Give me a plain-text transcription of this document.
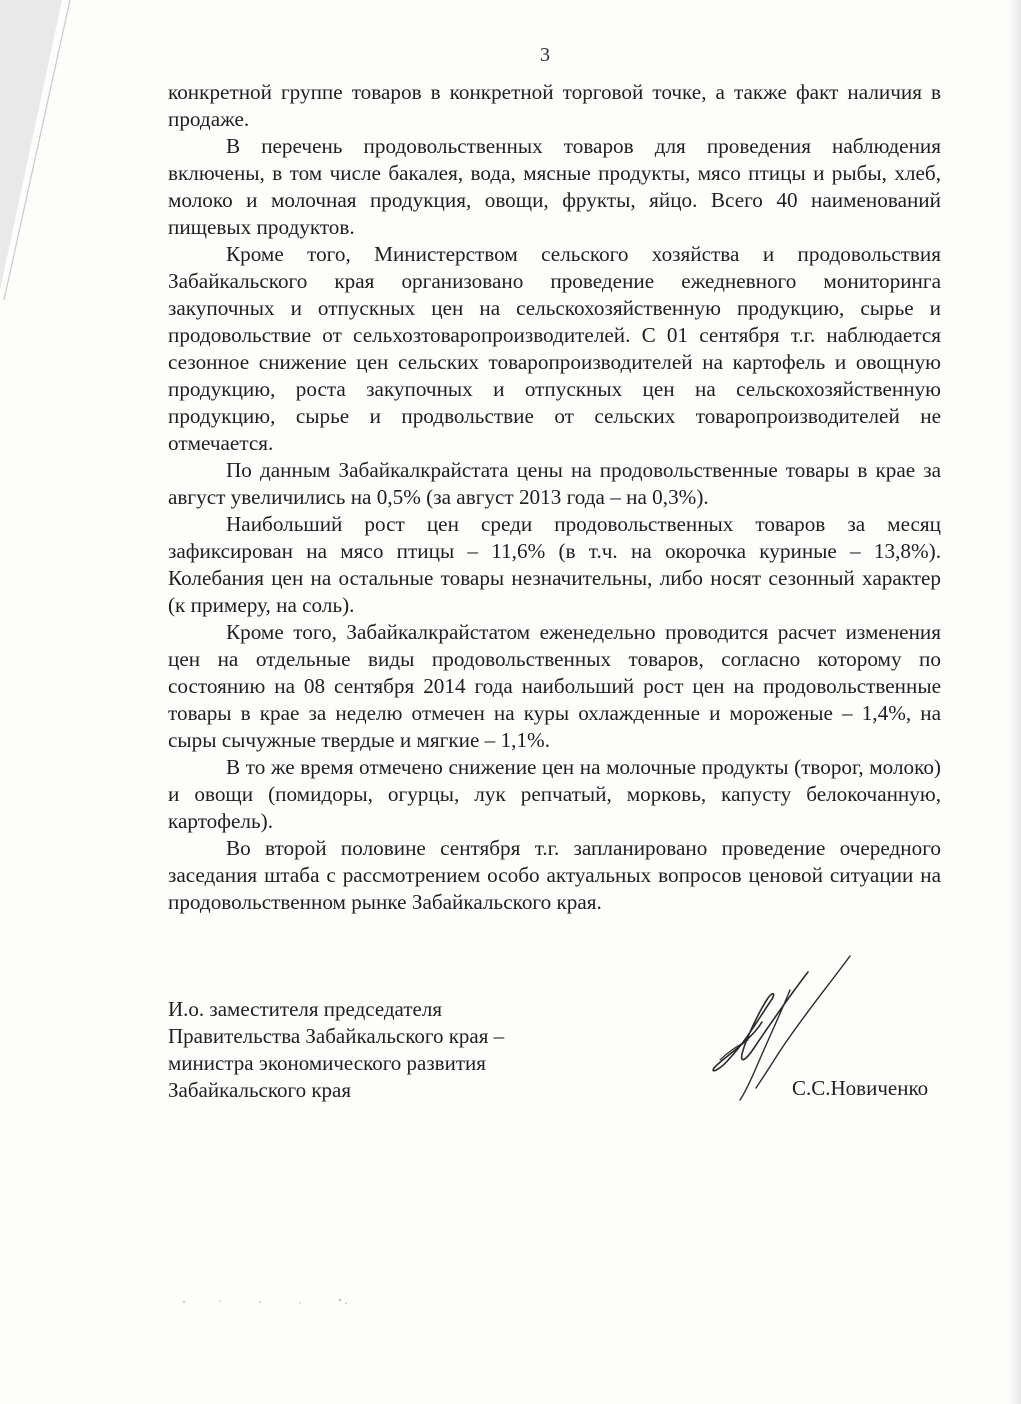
3

конкретной группе товаров в конкретной торговой точке, а также факт наличия в продаже.

В перечень продовольственных товаров для проведения наблюдения включены, в том числе бакалея, вода, мясные продукты, мясо птицы и рыбы, хлеб, молоко и молочная продукция, овощи, фрукты, яйцо. Всего 40 наименований пищевых продуктов.

Кроме того, Министерством сельского хозяйства и продовольствия Забайкальского края организовано проведение ежедневного мониторинга закупочных и отпускных цен на сельскохозяйственную продукцию, сырье и продовольствие от сельхозтоваропроизводителей. С 01 сентября т.г. наблюдается сезонное снижение цен сельских товаропроизводителей на картофель и овощную продукцию, роста закупочных и отпускных цен на сельскохозяйственную продукцию, сырье и продвольствие от сельских товаропроизводителей не отмечается.

По данным Забайкалкрайстата цены на продовольственные товары в крае за август увеличились на 0,5% (за август 2013 года – на 0,3%).

Наибольший рост цен среди продовольственных товаров за месяц зафиксирован на мясо птицы – 11,6% (в т.ч. на окорочка куриные – 13,8%). Колебания цен на остальные товары незначительны, либо носят сезонный характер (к примеру, на соль).

Кроме того, Забайкалкрайстатом еженедельно проводится расчет изменения цен на отдельные виды продовольственных товаров, согласно которому по состоянию на 08 сентября 2014 года наибольший рост цен на продовольственные товары в крае за неделю отмечен на куры охлажденные и мороженые – 1,4%, на сыры сычужные твердые и мягкие – 1,1%.

В то же время отмечено снижение цен на молочные продукты (творог, молоко) и овощи (помидоры, огурцы, лук репчатый, морковь, капусту белокочанную, картофель).

Во второй половине сентября т.г. запланировано проведение очередного заседания штаба с рассмотрением особо актуальных вопросов ценовой ситуации на продовольственном рынке Забайкальского края.

И.о. заместителя председателя
Правительства Забайкальского края –
министра экономического развития
Забайкальского края	С.С.Новиченко
